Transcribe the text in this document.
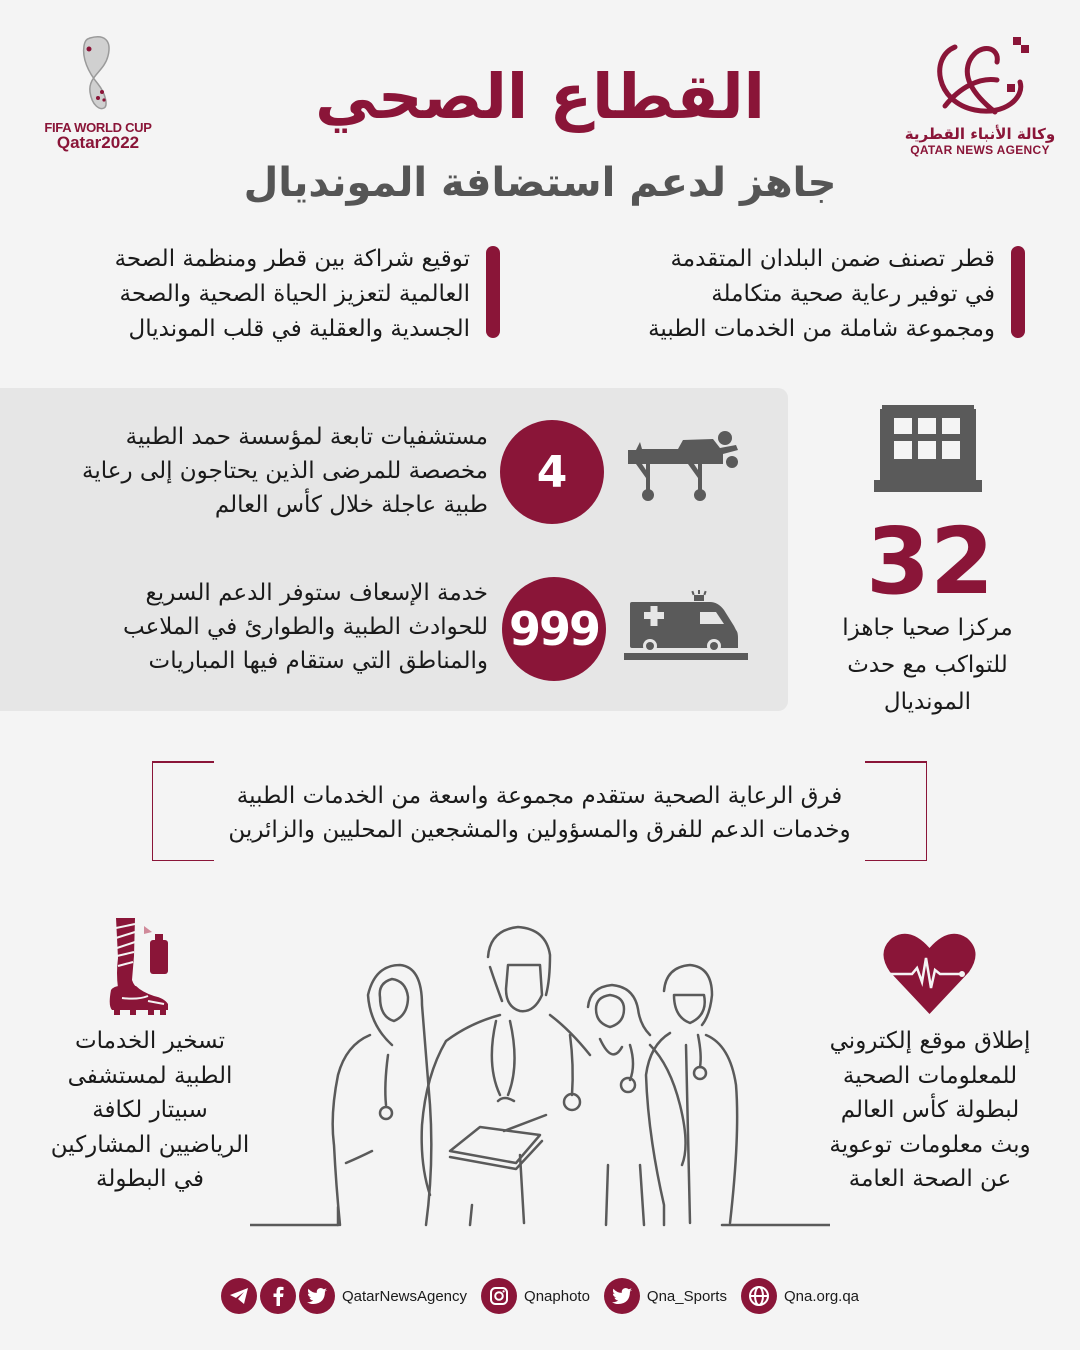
وكالة الأنباء القطرية
QATAR NEWS AGENCY
FIFA WORLD CUP
Qatar2022
القطاع الصحي
جاهز لدعم استضافة المونديال
قطر تصنف ضمن البلدان المتقدمة
في توفير رعاية صحية متكاملة
ومجموعة شاملة من الخدمات الطبية
توقيع شراكة بين قطر ومنظمة الصحة
العالمية لتعزيز الحياة الصحية والصحة
الجسدية والعقلية في قلب المونديال
4
مستشفيات تابعة لمؤسسة حمد الطبية
مخصصة للمرضى الذين يحتاجون إلى رعاية
طبية عاجلة خلال كأس العالم
999
خدمة الإسعاف ستوفر الدعم السريع
للحوادث الطبية والطوارئ في الملاعب
والمناطق التي ستقام فيها المباريات
32
مركزا صحيا جاهزا
للتواكب مع حدث
المونديال
فرق الرعاية الصحية ستقدم مجموعة واسعة من الخدمات الطبية
وخدمات الدعم للفرق والمسؤولين والمشجعين المحليين والزائرين
تسخير الخدمات
الطبية لمستشفى
سبيتار لكافة
الرياضيين المشاركين
في البطولة
إطلاق موقع إلكتروني
للمعلومات الصحية
لبطولة كأس العالم
وبث معلومات توعوية
عن الصحة العامة
QatarNewsAgency	Qnaphoto	Qna_Sports	Qna.org.qa
